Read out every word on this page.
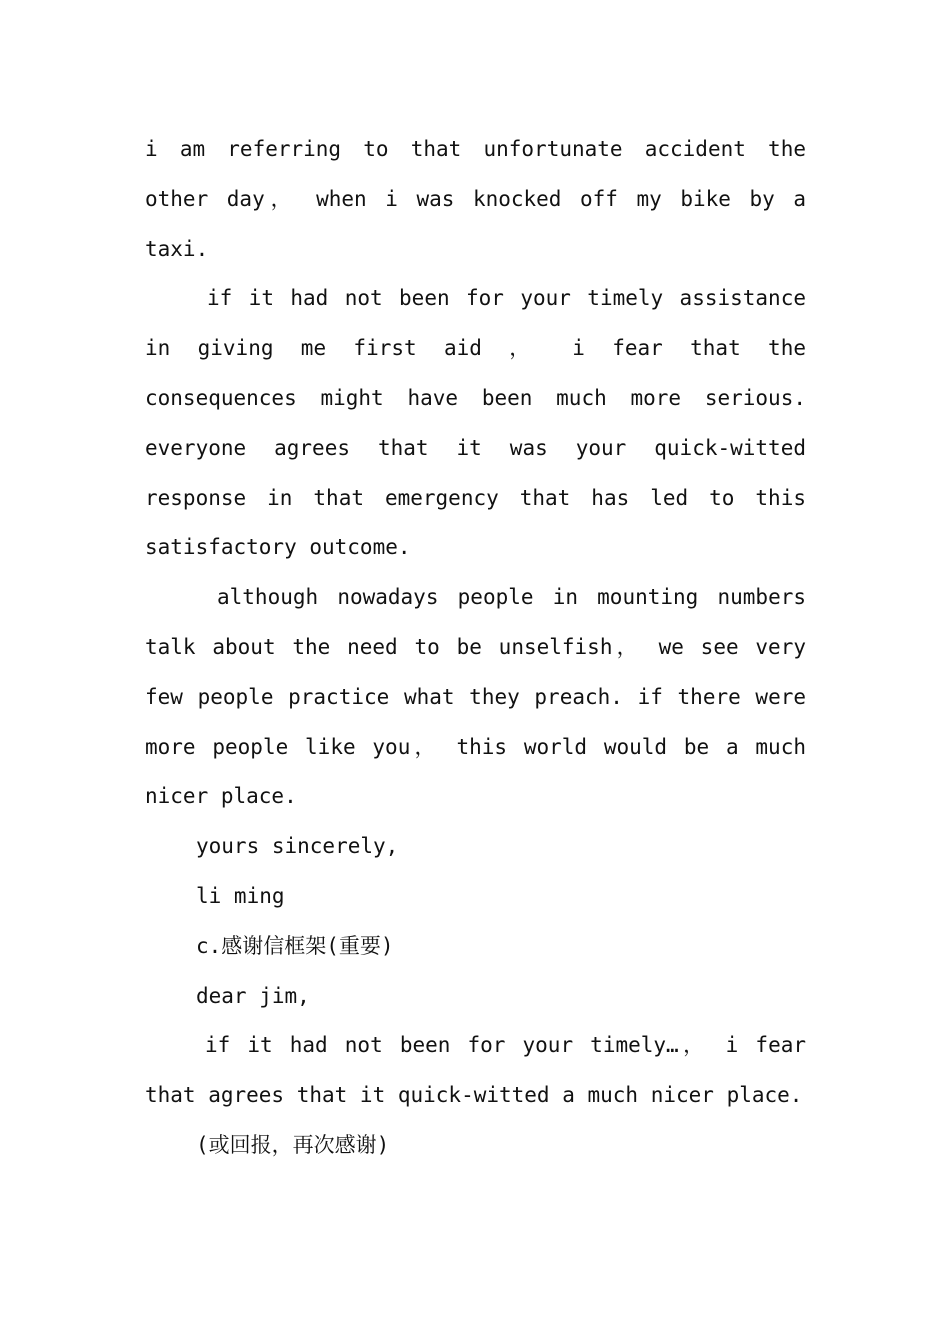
i am referring to that unfortunate accident the other day， when i was knocked off my bike by a taxi.

if it had not been for your timely assistance in giving me first aid ， i fear that the consequences might have been much more serious. everyone agrees that it was your quick-witted response in that emergency that has led to this satisfactory outcome.

although nowadays people in mounting numbers talk about the need to be unselfish， we see very few people practice what they preach. if there were more people like you， this world would be a much nicer place.

yours sincerely,

li ming

c.感谢信框架(重要)

dear jim,

if it had not been for your timely…， i fear that agrees that it quick-witted a much nicer place.

(或回报，再次感谢)
